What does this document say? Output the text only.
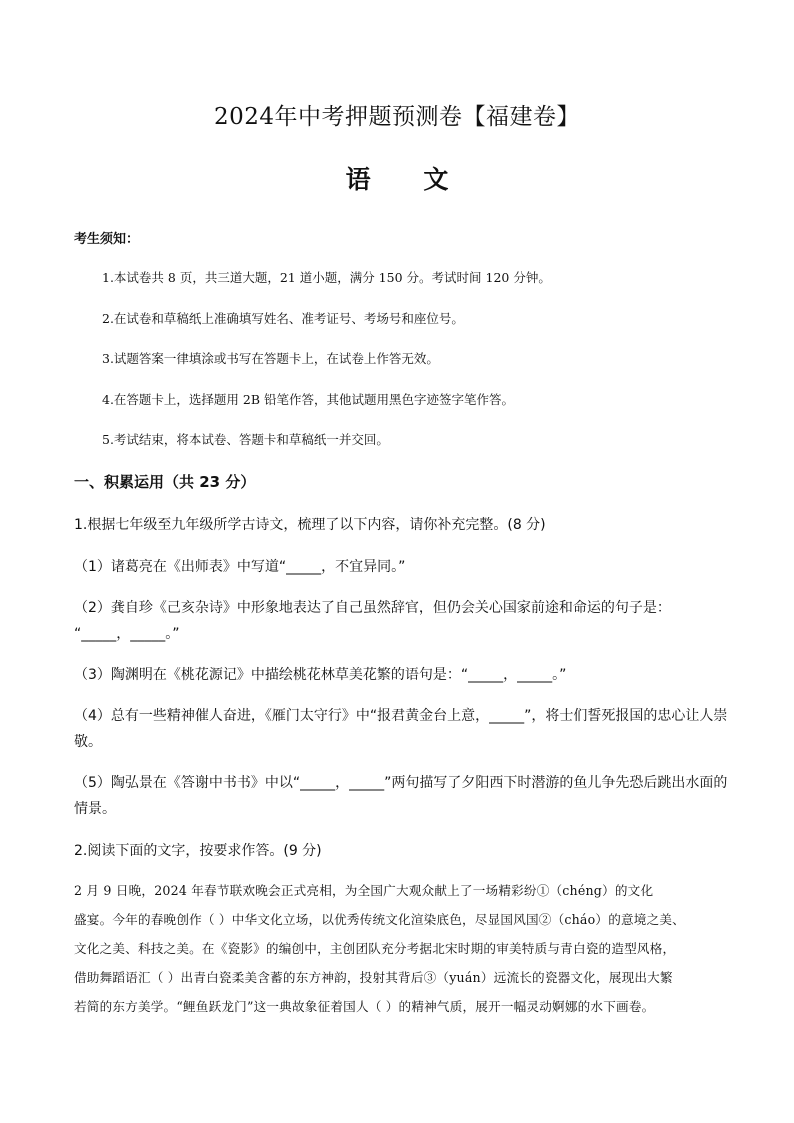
2024年中考押题预测卷【福建卷】
语 文
考生须知：
1.本试卷共 8 页，共三道大题，21 道小题，满分 150 分。考试时间 120 分钟。
2.在试卷和草稿纸上准确填写姓名、准考证号、考场号和座位号。
3.试题答案一律填涂或书写在答题卡上，在试卷上作答无效。
4.在答题卡上，选择题用 2B 铅笔作答，其他试题用黑色字迹签字笔作答。
5.考试结束，将本试卷、答题卡和草稿纸一并交回。
一、积累运用（共 23 分）
1.根据七年级至九年级所学古诗文，梳理了以下内容，请你补充完整。(8 分)
（1）诸葛亮在《出师表》中写道“_____，不宜异同。”
（2）龚自珍《己亥杂诗》中形象地表达了自己虽然辞官，但仍会关心国家前途和命运的句子是：
“_____，_____。”
（3）陶渊明在《桃花源记》中描绘桃花林草美花繁的语句是：“_____，_____。”
（4）总有一些精神催人奋进，《雁门太守行》中“报君黄金台上意，_____”，将士们誓死报国的忠心让人崇
敬。
（5）陶弘景在《答谢中书书》中以“_____，_____”两句描写了夕阳西下时潜游的鱼儿争先恐后跳出水面的
情景。
2.阅读下面的文字，按要求作答。(9 分)
2 月 9 日晚，2024 年春节联欢晚会正式亮相，为全国广大观众献上了一场精彩纷①（chéng）的文化
盛宴。今年的春晚创作（ ）中华文化立场，以优秀传统文化渲染底色，尽显国风国②（cháo）的意境之美、
文化之美、科技之美。在《瓷影》的编创中，主创团队充分考据北宋时期的审美特质与青白瓷的造型风格，
借助舞蹈语汇（ ）出青白瓷柔美含蓄的东方神韵，投射其背后③（yuán）远流长的瓷器文化，展现出大繁
若简的东方美学。“鲤鱼跃龙门”这一典故象征着国人（ ）的精神气质，展开一幅灵动婀娜的水下画卷。
